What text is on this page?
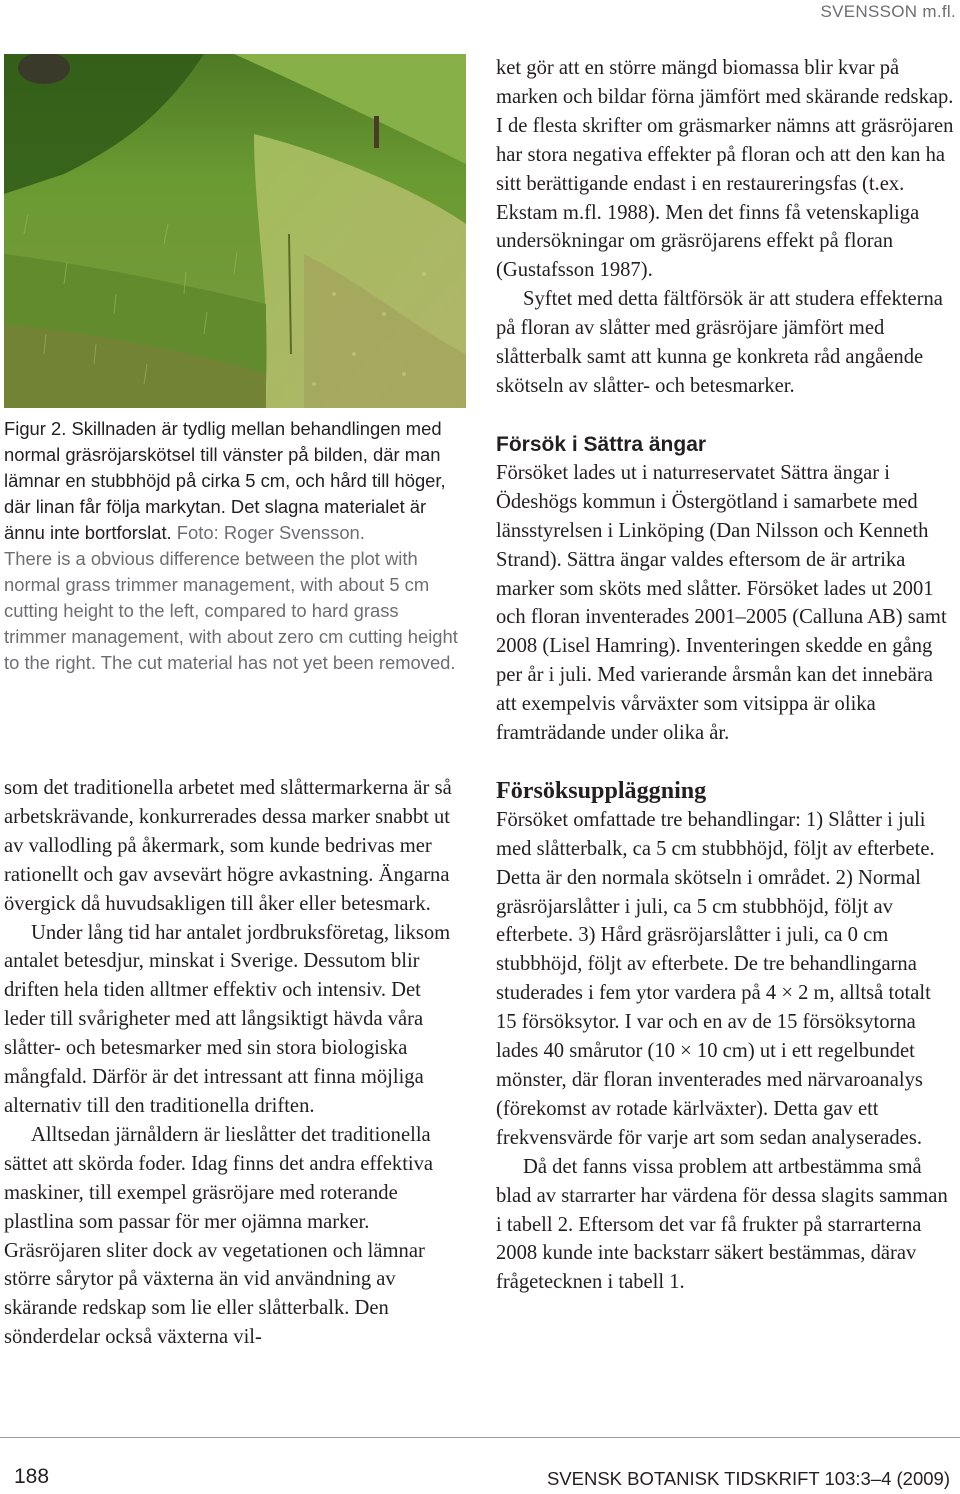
SVENSSON m.fl.
Figur 2. Skillnaden är tydlig mellan behandlingen med normal gräsröjarskötsel till vänster på bilden, där man lämnar en stubbhöjd på cirka 5 cm, och hård till höger, där linan får följa markytan. Det slagna materialet är ännu inte bortforslat. Foto: Roger Svensson.
There is a obvious difference between the plot with normal grass trimmer management, with about 5 cm cutting height to the left, compared to hard grass trimmer management, with about zero cm cutting height to the right. The cut material has not yet been removed.

som det traditionella arbetet med slåttermarkerna är så arbetskrävande, konkurrerades dessa marker snabbt ut av vallodling på åkermark, som kunde bedrivas mer rationellt och gav avsevärt högre avkastning. Ängarna övergick då huvudsakligen till åker eller betesmark.

Under lång tid har antalet jordbruksföretag, liksom antalet betesdjur, minskat i Sverige. Dessutom blir driften hela tiden alltmer effektiv och intensiv. Det leder till svårigheter med att långsiktigt hävda våra slåtter- och betesmarker med sin stora biologiska mångfald. Därför är det intressant att finna möjliga alternativ till den traditionella driften.

Alltsedan järnåldern är lieslåtter det traditionella sättet att skörda foder. Idag finns det andra effektiva maskiner, till exempel gräsröjare med roterande plastlina som passar för mer ojämna marker. Gräsröjaren sliter dock av vegetationen och lämnar större sårytor på växterna än vid användning av skärande redskap som lie eller slåtterbalk. Den sönderdelar också växterna vil-

ket gör att en större mängd biomassa blir kvar på marken och bildar förna jämfört med skärande redskap. I de flesta skrifter om gräsmarker nämns att gräsröjaren har stora negativa effekter på floran och att den kan ha sitt berättigande endast i en restaureringsfas (t.ex. Ekstam m.fl. 1988). Men det finns få vetenskapliga undersökningar om gräsröjarens effekt på floran (Gustafsson 1987).

Syftet med detta fältförsök är att studera effekterna på floran av slåtter med gräsröjare jämfört med slåtterbalk samt att kunna ge konkreta råd angående skötseln av slåtter- och betesmarker.

Försök i Sättra ängar

Försöket lades ut i naturreservatet Sättra ängar i Ödeshögs kommun i Östergötland i samarbete med länsstyrelsen i Linköping (Dan Nilsson och Kenneth Strand). Sättra ängar valdes eftersom de är artrika marker som sköts med slåtter. Försöket lades ut 2001 och floran inventerades 2001–2005 (Calluna AB) samt 2008 (Lisel Hamring). Inventeringen skedde en gång per år i juli. Med varierande årsmån kan det innebära att exempelvis vårväxter som vitsippa är olika framträdande under olika år.

Försöksuppläggning

Försöket omfattade tre behandlingar: 1) Slåtter i juli med slåtterbalk, ca 5 cm stubbhöjd, följt av efterbete. Detta är den normala skötseln i området. 2) Normal gräsröjarslåtter i juli, ca 5 cm stubbhöjd, följt av efterbete. 3) Hård gräsröjarslåtter i juli, ca 0 cm stubbhöjd, följt av efterbete. De tre behandlingarna studerades i fem ytor vardera på 4 × 2 m, alltså totalt 15 försöksytor. I var och en av de 15 försöksytorna lades 40 smårutor (10 × 10 cm) ut i ett regelbundet mönster, där floran inventerades med närvaroanalys (förekomst av rotade kärlväxter). Detta gav ett frekvensvärde för varje art som sedan analyserades.

Då det fanns vissa problem att artbestämma små blad av starrarter har värdena för dessa slagits samman i tabell 2. Eftersom det var få frukter på starrarterna 2008 kunde inte backstarr säkert bestämmas, därav frågetecknen i tabell 1.

188	SVENSK BOTANISK TIDSKRIFT 103:3–4 (2009)
